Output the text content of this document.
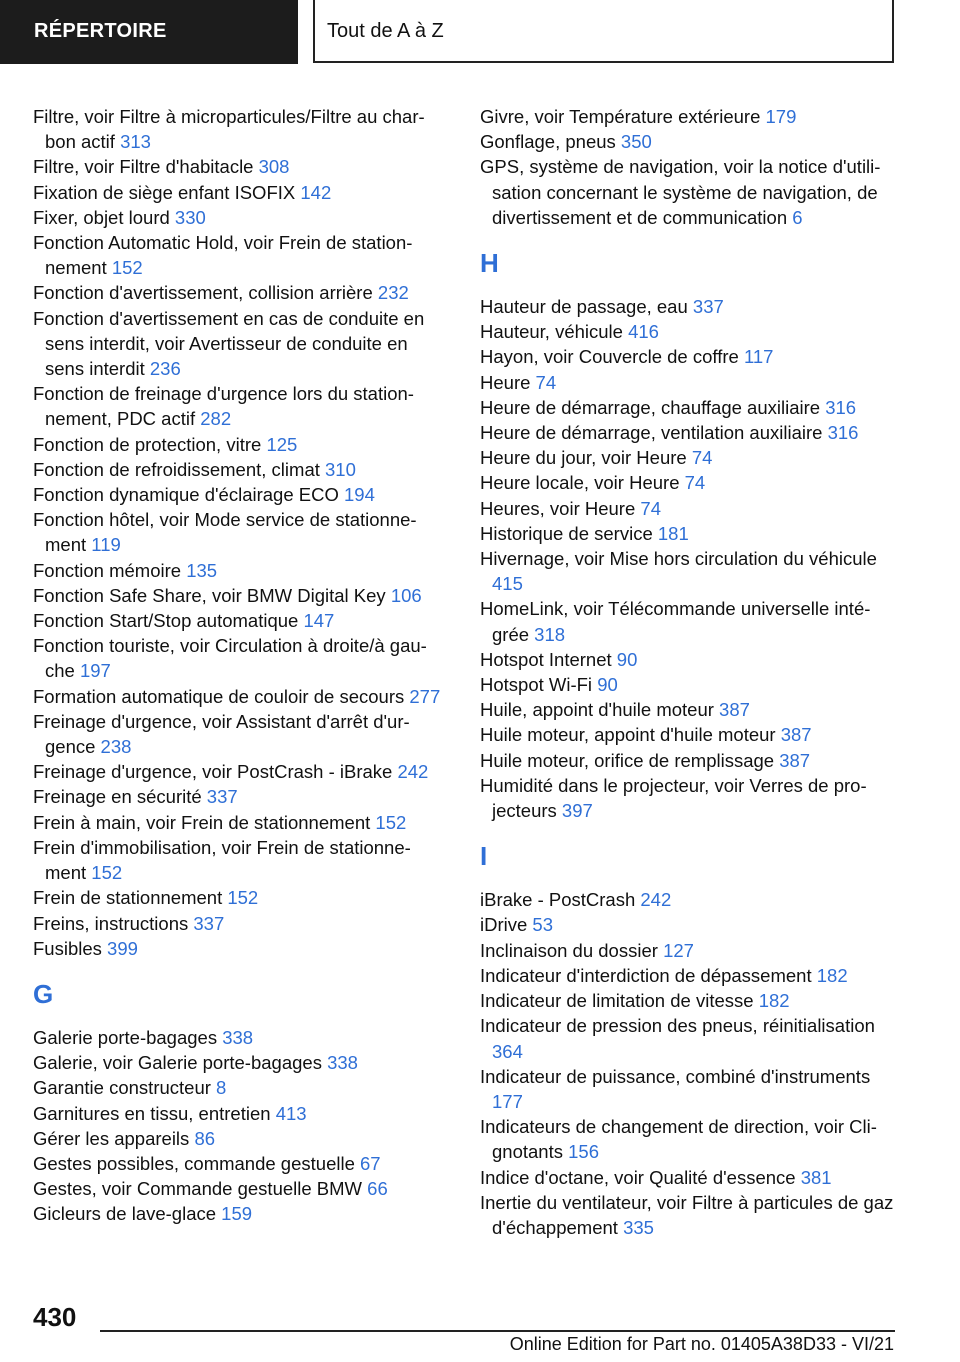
RÉPERTOIRE	Tout de A à Z
Filtre, voir Filtre à microparticules/Filtre au charbon actif 313
Filtre, voir Filtre d'habitacle 308
Fixation de siège enfant ISOFIX 142
Fixer, objet lourd 330
Fonction Automatic Hold, voir Frein de stationnement 152
Fonction d'avertissement, collision arrière 232
Fonction d'avertissement en cas de conduite en sens interdit, voir Avertisseur de conduite en sens interdit 236
Fonction de freinage d'urgence lors du stationnement, PDC actif 282
Fonction de protection, vitre 125
Fonction de refroidissement, climat 310
Fonction dynamique d'éclairage ECO 194
Fonction hôtel, voir Mode service de stationnement 119
Fonction mémoire 135
Fonction Safe Share, voir BMW Digital Key 106
Fonction Start/Stop automatique 147
Fonction touriste, voir Circulation à droite/à gauche 197
Formation automatique de couloir de secours 277
Freinage d'urgence, voir Assistant d'arrêt d'urgence 238
Freinage d'urgence, voir PostCrash - iBrake 242
Freinage en sécurité 337
Frein à main, voir Frein de stationnement 152
Frein d'immobilisation, voir Frein de stationnement 152
Frein de stationnement 152
Freins, instructions 337
Fusibles 399
G
Galerie porte-bagages 338
Galerie, voir Galerie porte-bagages 338
Garantie constructeur 8
Garnitures en tissu, entretien 413
Gérer les appareils 86
Gestes possibles, commande gestuelle 67
Gestes, voir Commande gestuelle BMW 66
Gicleurs de lave-glace 159
Givre, voir Température extérieure 179
Gonflage, pneus 350
GPS, système de navigation, voir la notice d'utilisation concernant le système de navigation, de divertissement et de communication 6
H
Hauteur de passage, eau 337
Hauteur, véhicule 416
Hayon, voir Couvercle de coffre 117
Heure 74
Heure de démarrage, chauffage auxiliaire 316
Heure de démarrage, ventilation auxiliaire 316
Heure du jour, voir Heure 74
Heure locale, voir Heure 74
Heures, voir Heure 74
Historique de service 181
Hivernage, voir Mise hors circulation du véhicule 415
HomeLink, voir Télécommande universelle intégrée 318
Hotspot Internet 90
Hotspot Wi-Fi 90
Huile, appoint d'huile moteur 387
Huile moteur, appoint d'huile moteur 387
Huile moteur, orifice de remplissage 387
Humidité dans le projecteur, voir Verres de projecteurs 397
I
iBrake - PostCrash 242
iDrive 53
Inclinaison du dossier 127
Indicateur d'interdiction de dépassement 182
Indicateur de limitation de vitesse 182
Indicateur de pression des pneus, réinitialisation 364
Indicateur de puissance, combiné d'instruments 177
Indicateurs de changement de direction, voir Clignotants 156
Indice d'octane, voir Qualité d'essence 381
Inertie du ventilateur, voir Filtre à particules de gaz d'échappement 335
430
Online Edition for Part no. 01405A38D33 - VI/21
